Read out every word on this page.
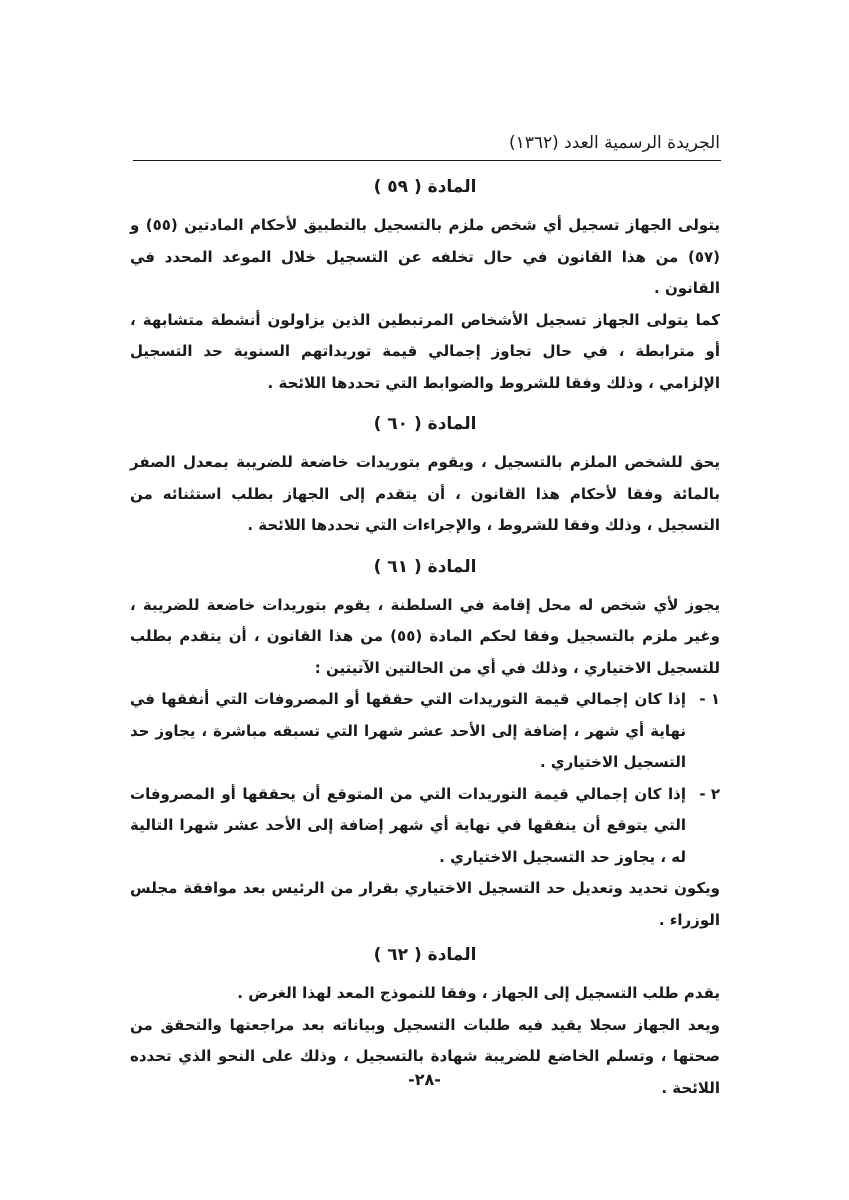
الجريدة الرسمية العدد (١٣٦٢)
المادة ( ٥٩ )

يتولى الجهاز تسجيل أي شخص ملزم بالتسجيل بالتطبيق لأحكام المادتين (٥٥) و (٥٧) من هذا القانون في حال تخلفه عن التسجيل خلال الموعد المحدد في القانون .

كما يتولى الجهاز تسجيل الأشخاص المرتبطين الذين يزاولون أنشطة متشابهة ، أو مترابطة ، في حال تجاوز إجمالي قيمة توريداتهم السنوية حد التسجيل الإلزامي ، وذلك وفقا للشروط والضوابط التي تحددها اللائحة .

المادة ( ٦٠ )

يحق للشخص الملزم بالتسجيل ، ويقوم بتوريدات خاضعة للضريبة بمعدل الصفر بالمائة وفقا لأحكام هذا القانون ، أن يتقدم إلى الجهاز بطلب استثنائه من التسجيل ، وذلك وفقا للشروط ، والإجراءات التي تحددها اللائحة .

المادة ( ٦١ )

يجوز لأي شخص له محل إقامة في السلطنة ، يقوم بتوريدات خاضعة للضريبة ، وغير ملزم بالتسجيل وفقا لحكم المادة (٥٥) من هذا القانون ، أن يتقدم بطلب للتسجيل الاختياري ، وذلك في أي من الحالتين الآتيتين :

١ -
إذا كان إجمالي قيمة التوريدات التي حققها أو المصروفات التي أنفقها في نهاية أي شهر ، إضافة إلى الأحد عشر شهرا التي تسبقه مباشرة ، يجاوز حد التسجيل الاختياري .
٢ -
إذا كان إجمالي قيمة التوريدات التي من المتوقع أن يحققها أو المصروفات التي يتوقع أن ينفقها في نهاية أي شهر إضافة إلى الأحد عشر شهرا التالية له ، يجاوز حد التسجيل الاختياري .

ويكون تحديد وتعديل حد التسجيل الاختياري بقرار من الرئيس بعد موافقة مجلس الوزراء .

المادة ( ٦٢ )

يقدم طلب التسجيل إلى الجهاز ، وفقا للنموذج المعد لهذا الغرض .

ويعد الجهاز سجلا يقيد فيه طلبات التسجيل وبياناته بعد مراجعتها والتحقق من صحتها ، وتسلم الخاضع للضريبة شهادة بالتسجيل ، وذلك على النحو الذي تحدده اللائحة .

-٢٨-
